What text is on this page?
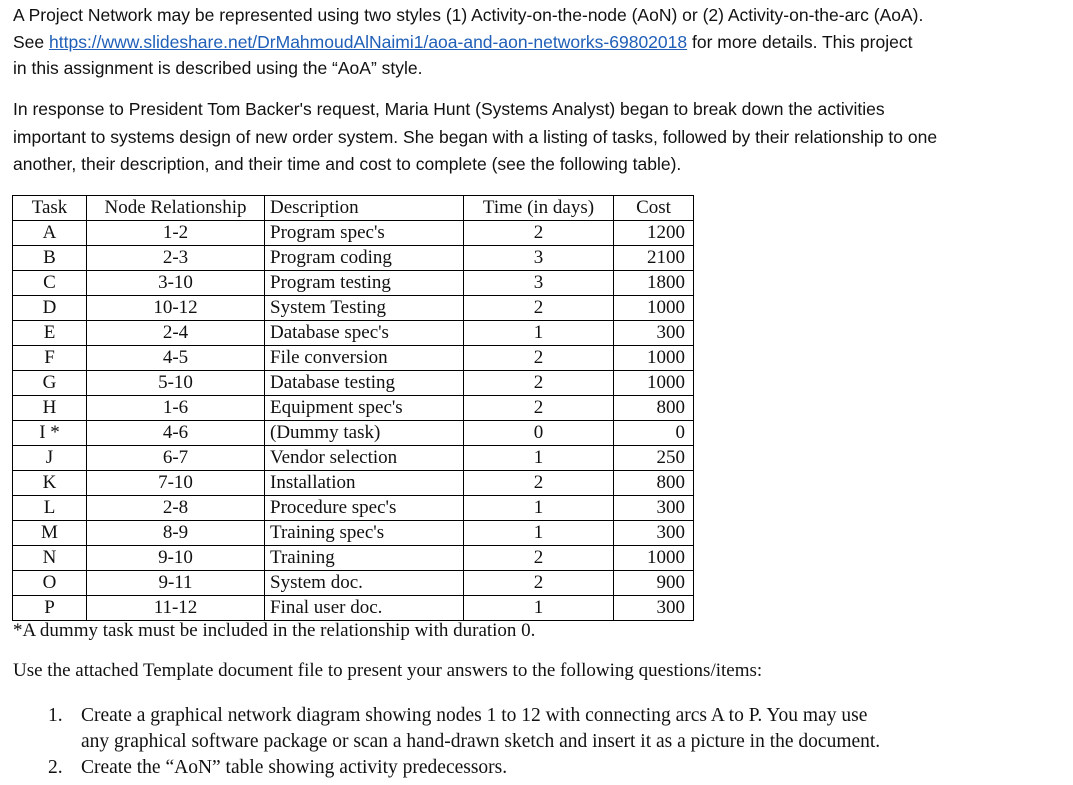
A Project Network may be represented using two styles (1) Activity-on-the-node (AoN) or (2) Activity-on-the-arc (AoA).
See https://www.slideshare.net/DrMahmoudAlNaimi1/aoa-and-aon-networks-69802018 for more details. This project
in this assignment is described using the “AoA” style.
In response to President Tom Backer's request, Maria Hunt (Systems Analyst) began to break down the activities
important to systems design of new order system. She began with a listing of tasks, followed by their relationship to one
another, their description, and their time and cost to complete (see the following table).
Task	Node Relationship	Description	Time (in days)	Cost
A	1-2	Program spec's	2	1200
B	2-3	Program coding	3	2100
C	3-10	Program testing	3	1800
D	10-12	System Testing	2	1000
E	2-4	Database spec's	1	300
F	4-5	File conversion	2	1000
G	5-10	Database testing	2	1000
H	1-6	Equipment spec's	2	800
I *	4-6	(Dummy task)	0	0
J	6-7	Vendor selection	1	250
K	7-10	Installation	2	800
L	2-8	Procedure spec's	1	300
M	8-9	Training spec's	1	300
N	9-10	Training	2	1000
O	9-11	System doc.	2	900
P	11-12	Final user doc.	1	300
*A dummy task must be included in the relationship with duration 0.
Use the attached Template document file to present your answers to the following questions/items:
1. Create a graphical network diagram showing nodes 1 to 12 with connecting arcs A to P. You may use
any graphical software package or scan a hand-drawn sketch and insert it as a picture in the document.
2. Create the “AoN” table showing activity predecessors.
